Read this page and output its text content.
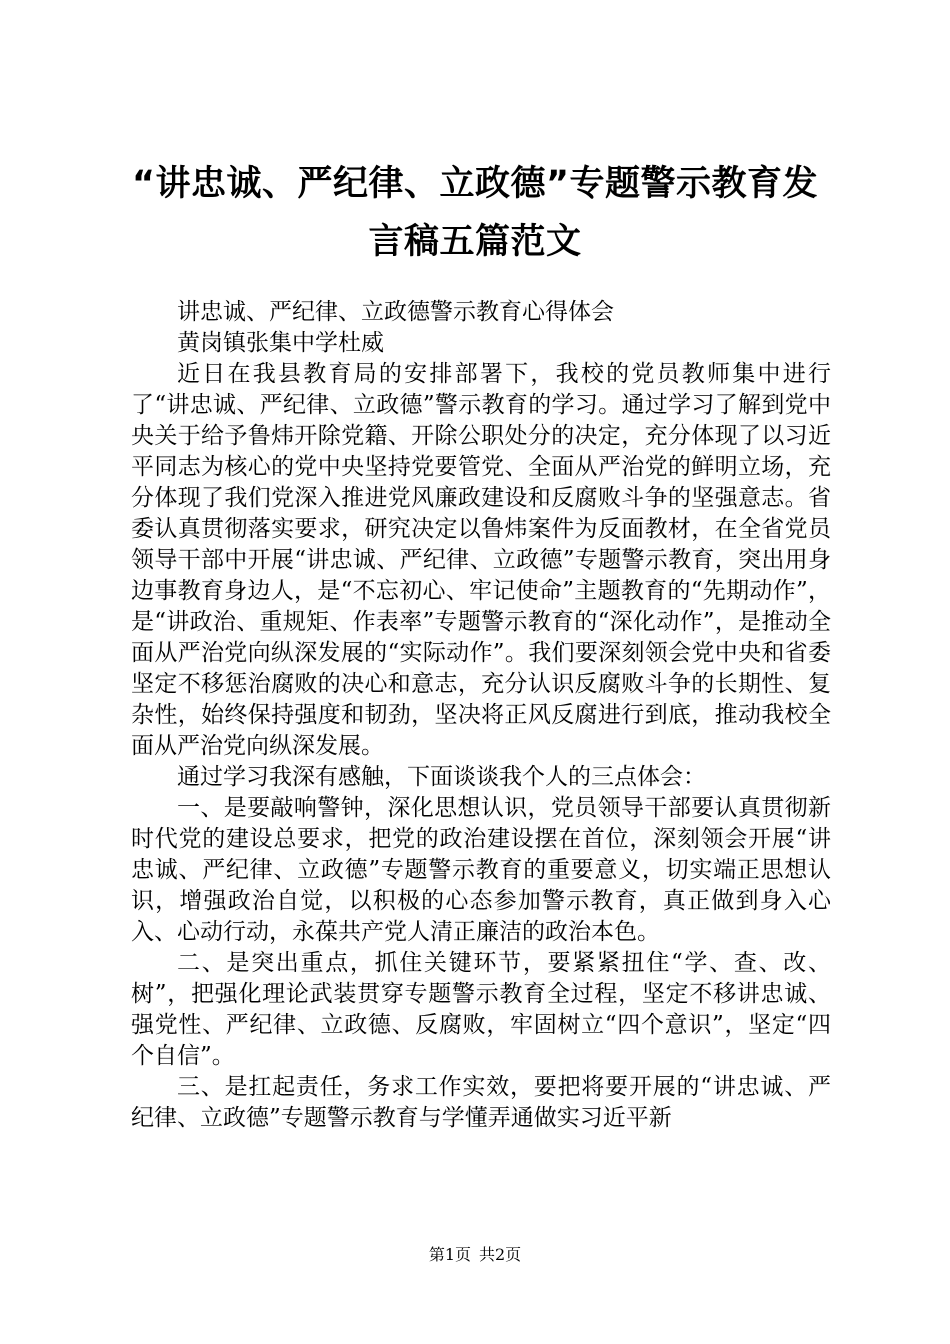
“讲忠诚、严纪律、立政德”专题警示教育发
言稿五篇范文

讲忠诚、严纪律、立政德警示教育心得体会

黄岗镇张集中学杜威

近日在我县教育局的安排部署下，我校的党员教师集中进行了“讲忠诚、严纪律、立政德”警示教育的学习。通过学习了解到党中央关于给予鲁炜开除党籍、开除公职处分的决定，充分体现了以习近平同志为核心的党中央坚持党要管党、全面从严治党的鲜明立场，充分体现了我们党深入推进党风廉政建设和反腐败斗争的坚强意志。省委认真贯彻落实要求，研究决定以鲁炜案件为反面教材，在全省党员领导干部中开展“讲忠诚、严纪律、立政德”专题警示教育，突出用身边事教育身边人，是“不忘初心、牢记使命”主题教育的“先期动作”，是“讲政治、重规矩、作表率”专题警示教育的“深化动作”，是推动全面从严治党向纵深发展的“实际动作”。我们要深刻领会党中央和省委坚定不移惩治腐败的决心和意志，充分认识反腐败斗争的长期性、复杂性，始终保持强度和韧劲，坚决将正风反腐进行到底，推动我校全面从严治党向纵深发展。

通过学习我深有感触，下面谈谈我个人的三点体会：

一、是要敲响警钟，深化思想认识，党员领导干部要认真贯彻新时代党的建设总要求，把党的政治建设摆在首位，深刻领会开展“讲忠诚、严纪律、立政德”专题警示教育的重要意义，切实端正思想认识，增强政治自觉，以积极的心态参加警示教育，真正做到身入心入、心动行动，永葆共产党人清正廉洁的政治本色。

二、是突出重点，抓住关键环节，要紧紧扭住“学、查、改、树”，把强化理论武装贯穿专题警示教育全过程，坚定不移讲忠诚、强党性、严纪律、立政德、反腐败，牢固树立“四个意识”，坚定“四个自信”。

三、是扛起责任，务求工作实效，要把将要开展的“讲忠诚、严纪律、立政德”专题警示教育与学懂弄通做实习近平新

第1页 共2页
